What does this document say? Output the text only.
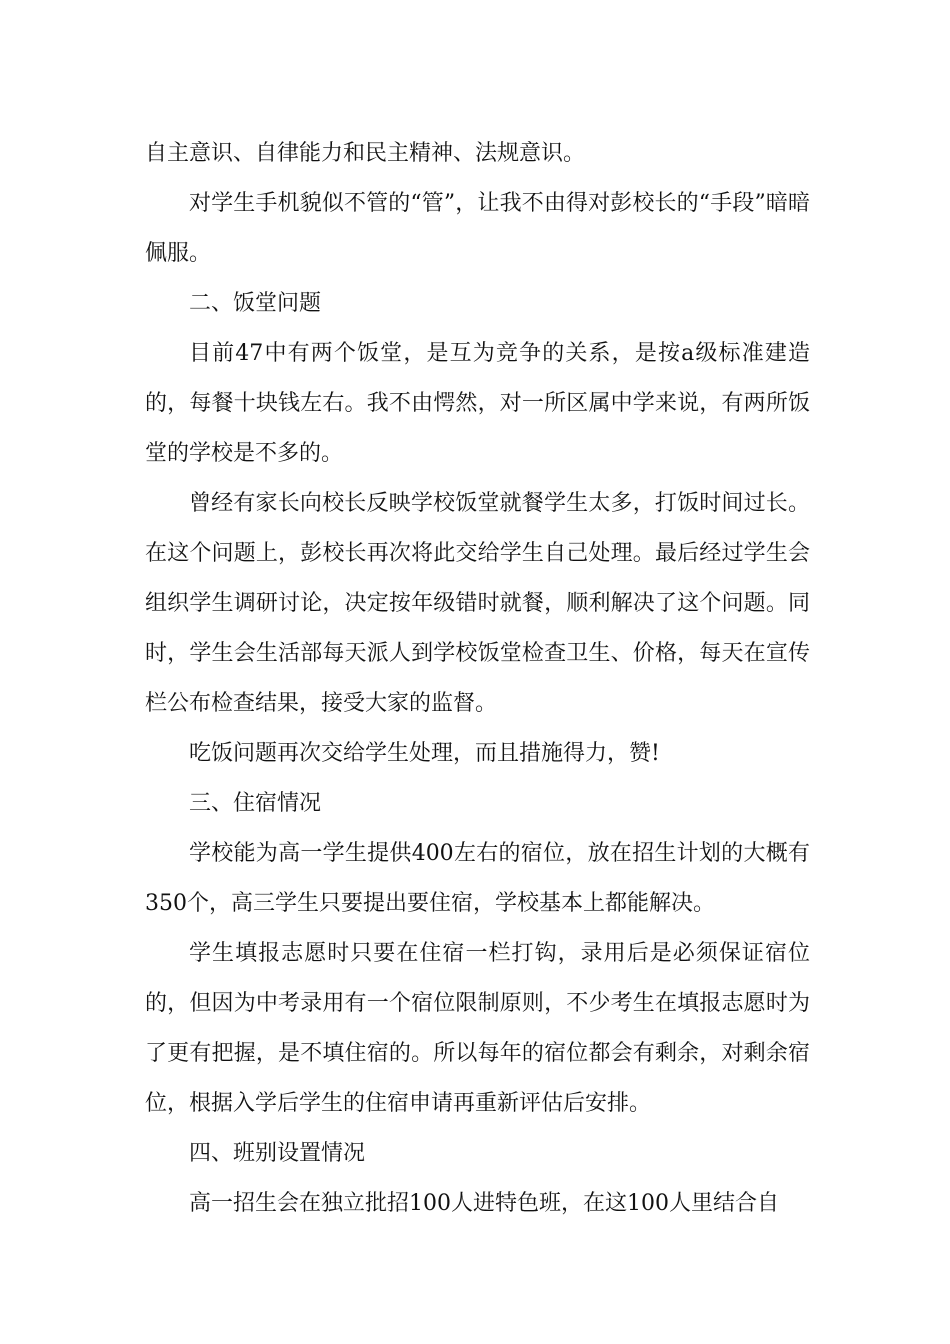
自主意识、自律能力和民主精神、法规意识。

对学生手机貌似不管的“管”，让我不由得对彭校长的“手段”暗暗佩服。

二、饭堂问题

目前47中有两个饭堂，是互为竞争的关系，是按a级标准建造的，每餐十块钱左右。我不由愕然，对一所区属中学来说，有两所饭堂的学校是不多的。

曾经有家长向校长反映学校饭堂就餐学生太多，打饭时间过长。在这个问题上，彭校长再次将此交给学生自己处理。最后经过学生会组织学生调研讨论，决定按年级错时就餐，顺利解决了这个问题。同时，学生会生活部每天派人到学校饭堂检查卫生、价格，每天在宣传栏公布检查结果，接受大家的监督。

吃饭问题再次交给学生处理，而且措施得力，赞!

三、住宿情况

学校能为高一学生提供400左右的宿位，放在招生计划的大概有350个，高三学生只要提出要住宿，学校基本上都能解决。

学生填报志愿时只要在住宿一栏打钩，录用后是必须保证宿位的，但因为中考录用有一个宿位限制原则，不少考生在填报志愿时为了更有把握，是不填住宿的。所以每年的宿位都会有剩余，对剩余宿位，根据入学后学生的住宿申请再重新评估后安排。

四、班别设置情况

高一招生会在独立批招100人进特色班，在这100人里结合自
